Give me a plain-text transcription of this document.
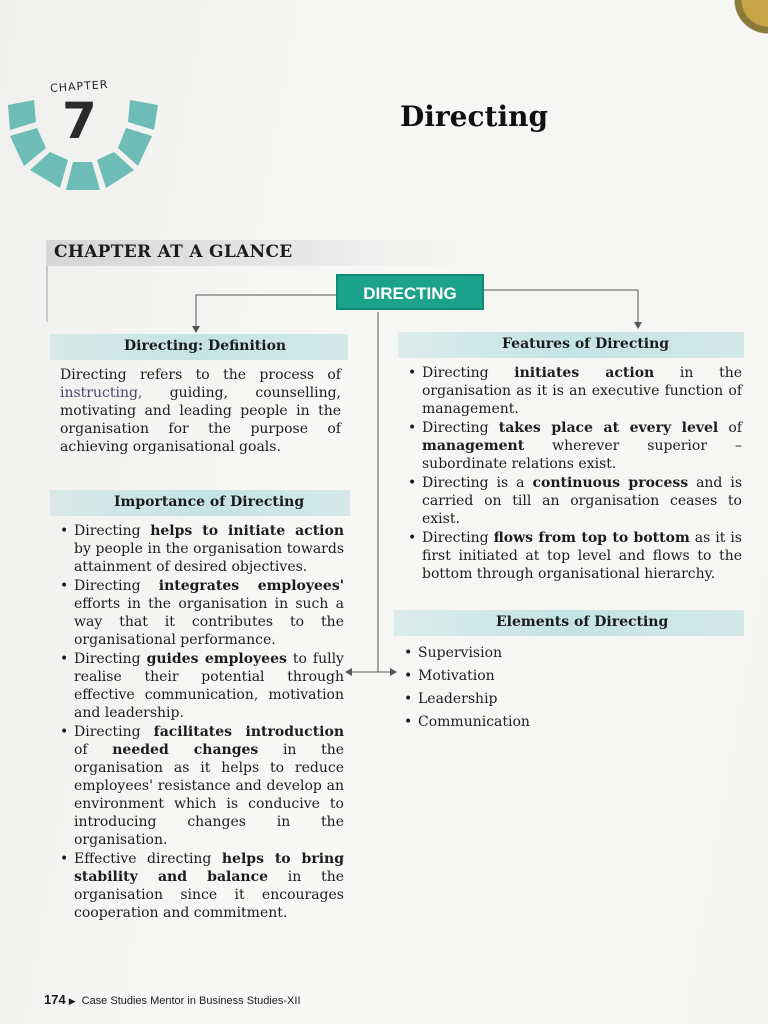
CHAPTER
7	Directing
CHAPTER AT A GLANCE
DIRECTING
Directing: Definition
Directing refers to the process of instructing, guiding, counselling, motivating and leading people in the organisation for the purpose of achieving organisational goals.
Importance of Directing
• Directing helps to initiate action by people in the organisation towards attainment of desired objectives.
• Directing integrates employees' efforts in the organisation in such a way that it contributes to the organisational performance.
• Directing guides employees to fully realise their potential through effective communication, motivation and leadership.
• Directing facilitates introduction of needed changes in the organisation as it helps to reduce employees' resistance and develop an environment which is conducive to introducing changes in the organisation.
• Effective directing helps to bring stability and balance in the organisation since it encourages cooperation and commitment.
Features of Directing
• Directing initiates action in the organisation as it is an executive function of management.
• Directing takes place at every level of management wherever superior – subordinate relations exist.
• Directing is a continuous process and is carried on till an organisation ceases to exist.
• Directing flows from top to bottom as it is first initiated at top level and flows to the bottom through organisational hierarchy.
Elements of Directing
• Supervision
• Motivation
• Leadership
• Communication
174 ▶ Case Studies Mentor in Business Studies-XII
